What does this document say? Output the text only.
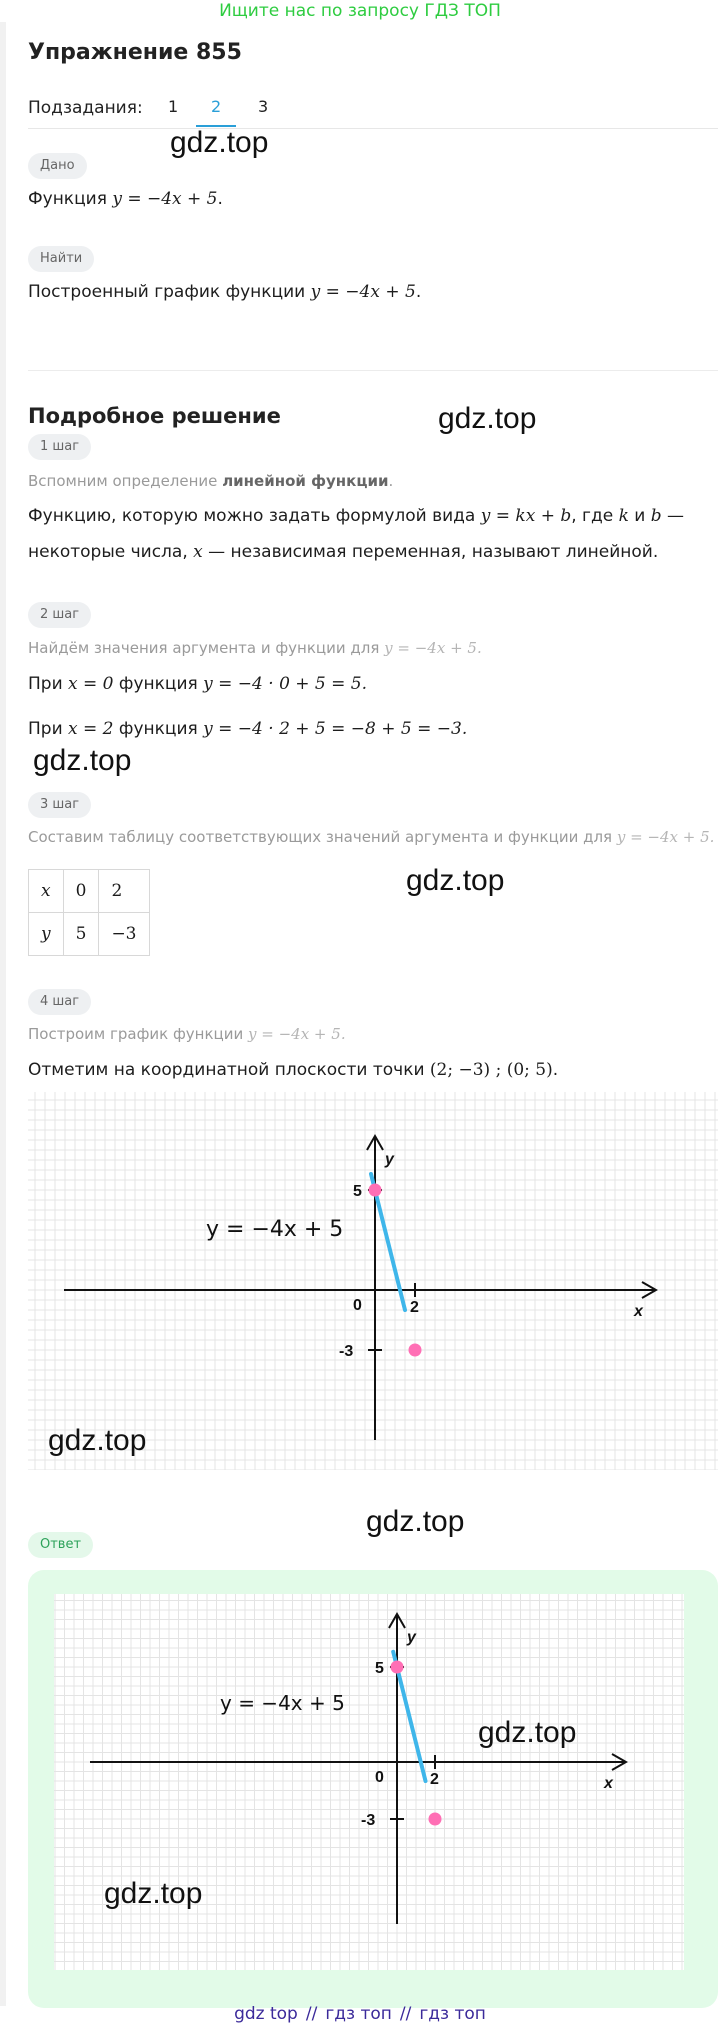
Ищите нас по запросу ГДЗ ТОП
Упражнение 855
Подзадания: 1 2 3
Дано
Функция y = −4x + 5.
Найти
Построенный график функции y = −4x + 5.
Подробное решение
1 шаг
Вспомним определение линейной функции.
Функцию, которую можно задать формулой вида y = kx + b, где k и b —
некоторые числа, x — независимая переменная, называют линейной.
2 шаг
Найдём значения аргумента и функции для y = −4x + 5.
При x = 0 функция y = −4 · 0 + 5 = 5.
При x = 2 функция y = −4 · 2 + 5 = −8 + 5 = −3.
3 шаг
Составим таблицу соответствующих значений аргумента и функции для y = −4x + 5.
x	0	2
y	5	−3
4 шаг
Построим график функции y = −4x + 5.
Отметим на координатной плоскости точки (2; −3) ; (0; 5).
2
0
5
-3
x
y
y = −4x + 5
Ответ
2
0
5
-3
x
y
y = −4x + 5
gdz.top
gdz.top
gdz.top
gdz.top
gdz.top
gdz.top
gdz.top
gdz.top
gdz top // гдз топ // гдз топ
